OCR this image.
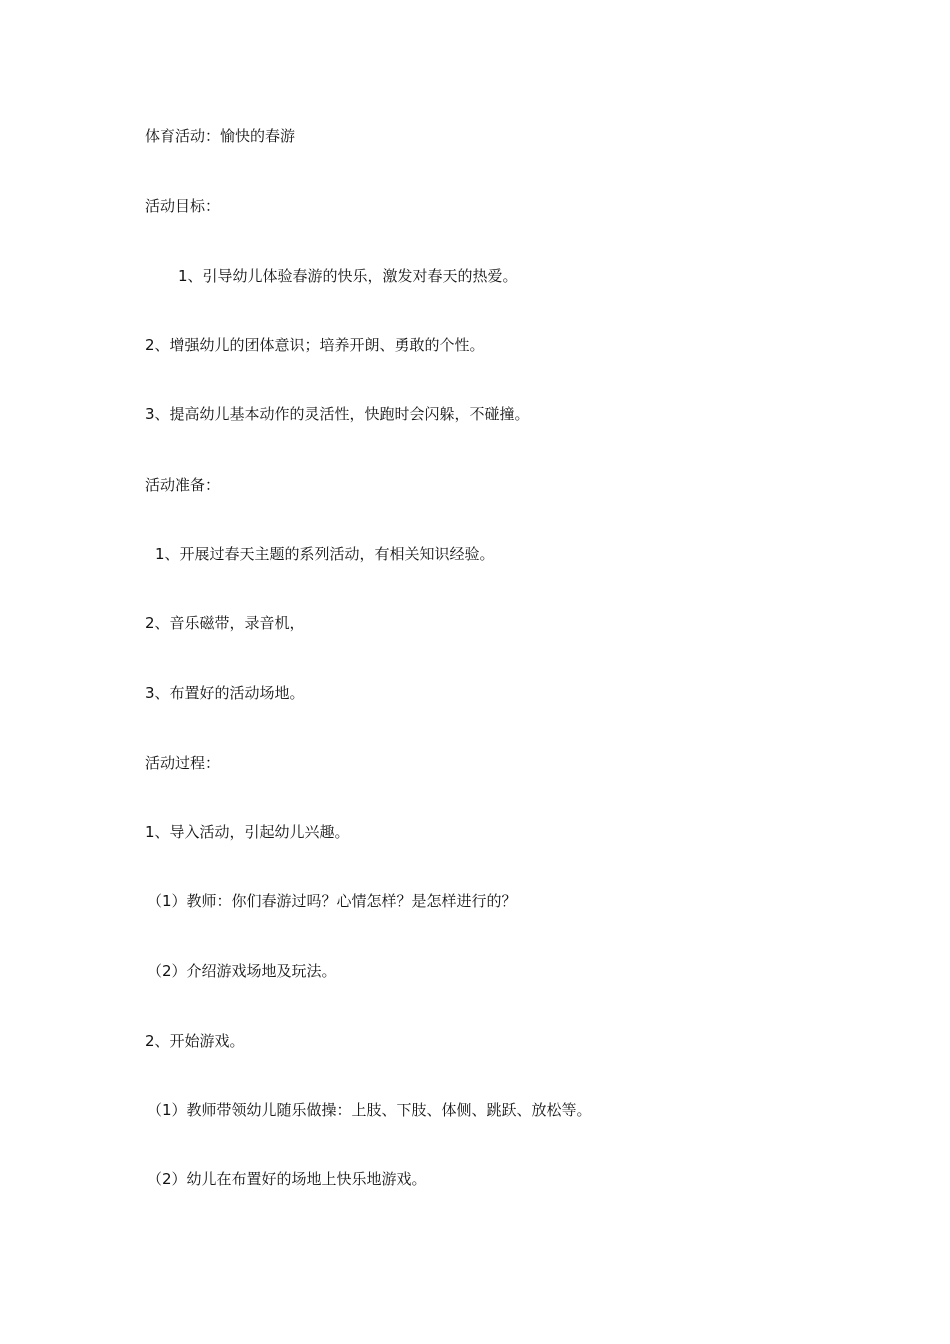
体育活动：愉快的春游
活动目标：
1、引导幼儿体验春游的快乐，激发对春天的热爱。
2、增强幼儿的团体意识；培养开朗、勇敢的个性。
3、提高幼儿基本动作的灵活性，快跑时会闪躲，不碰撞。
活动准备：
1、开展过春天主题的系列活动，有相关知识经验。
2、音乐磁带，录音机，
3、布置好的活动场地。
活动过程：
1、导入活动，引起幼儿兴趣。
（1）教师：你们春游过吗？心情怎样？是怎样进行的？
（2）介绍游戏场地及玩法。
2、开始游戏。
（1）教师带领幼儿随乐做操：上肢、下肢、体侧、跳跃、放松等。
（2）幼儿在布置好的场地上快乐地游戏。
